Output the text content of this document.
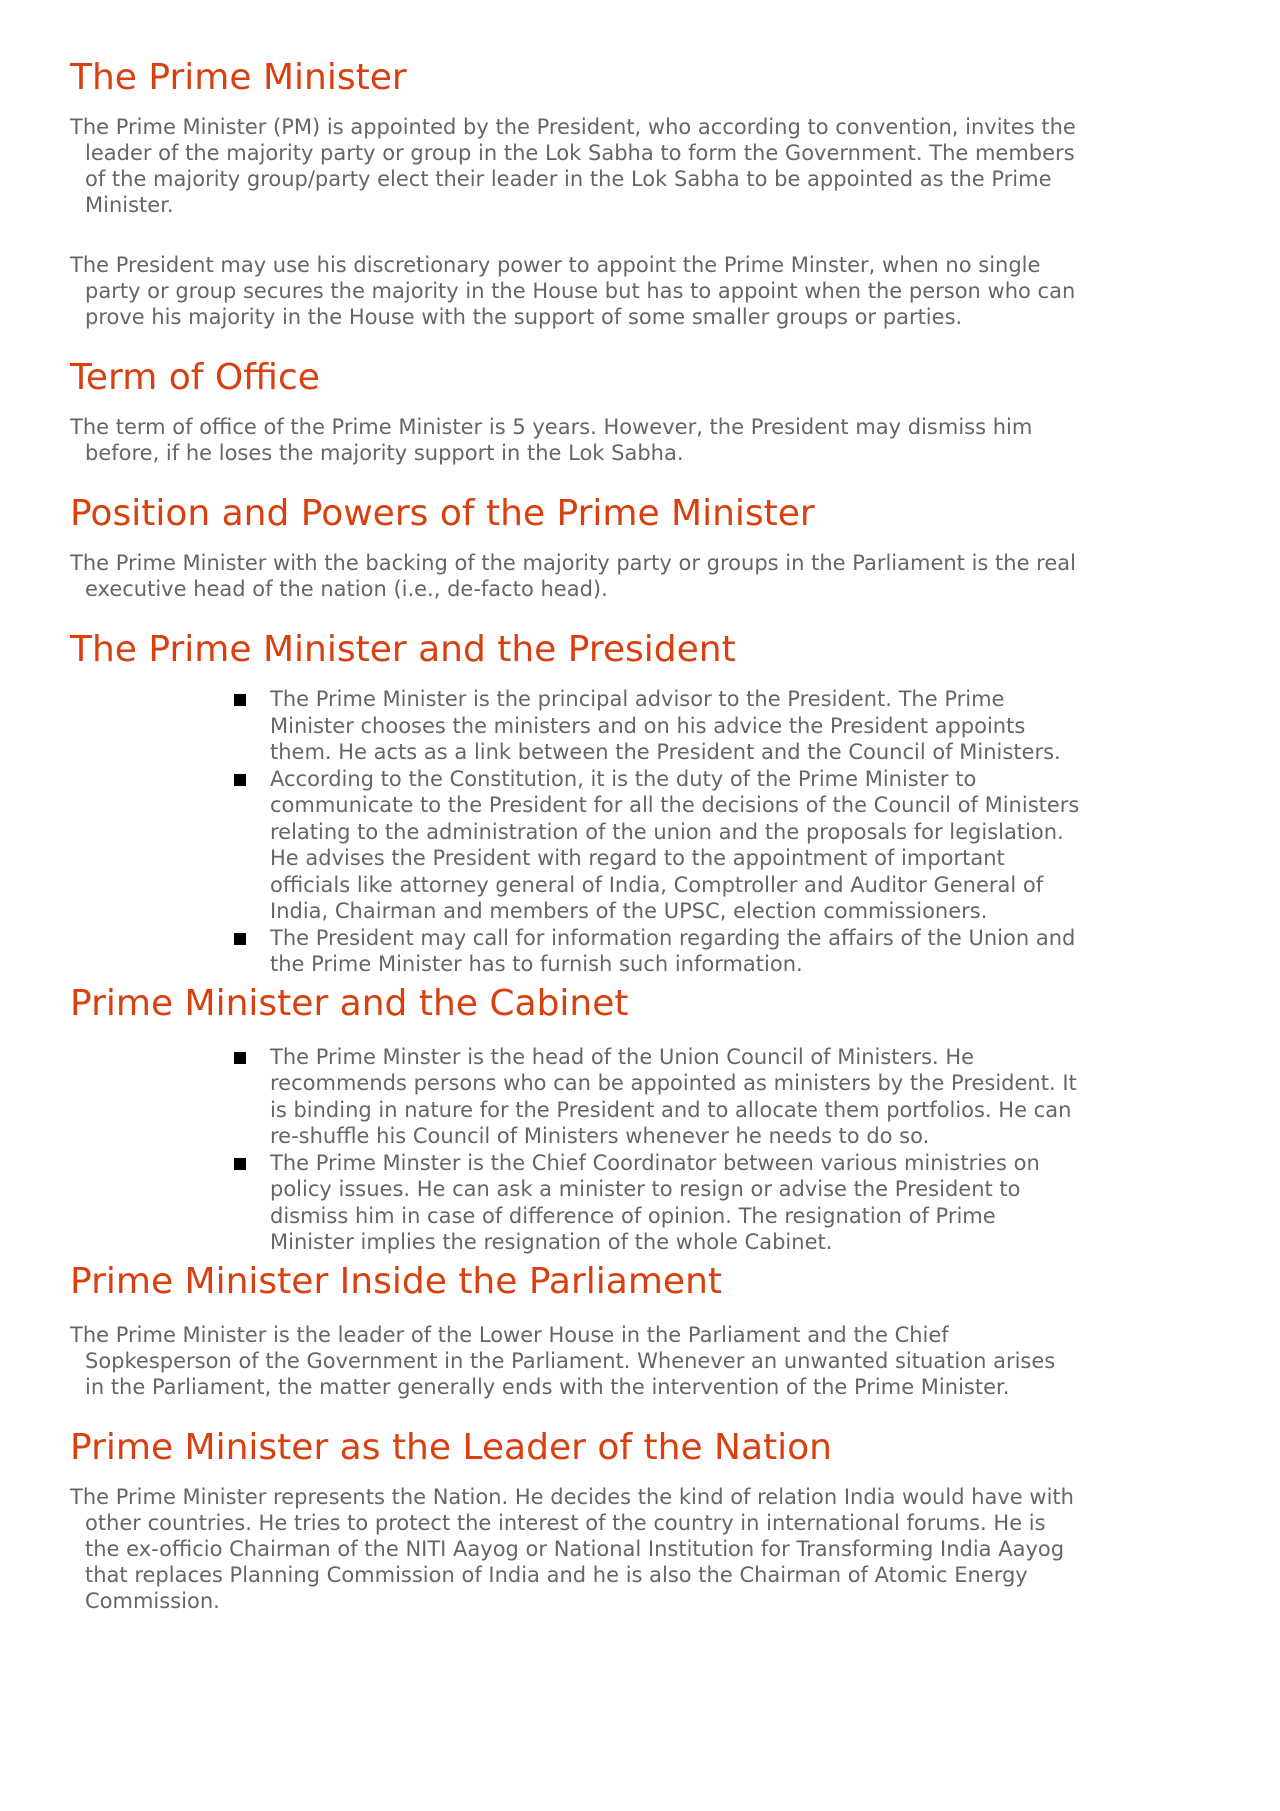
The Prime Minister

The Prime Minister (PM) is appointed by the President, who according to convention, invites the leader of the majority party or group in the Lok Sabha to form the Government. The members of the majority group/party elect their leader in the Lok Sabha to be appointed as the Prime Minister.

The President may use his discretionary power to appoint the Prime Minster, when no single party or group secures the majority in the House but has to appoint when the person who can prove his majority in the House with the support of some smaller groups or parties.

Term of Office

The term of office of the Prime Minister is 5 years. However, the President may dismiss him before, if he loses the majority support in the Lok Sabha.

Position and Powers of the Prime Minister

The Prime Minister with the backing of the majority party or groups in the Parliament is the real executive head of the nation (i.e., de-facto head).

The Prime Minister and the President
The Prime Minister is the principal advisor to the President. The Prime Minister chooses the ministers and on his advice the President appoints them. He acts as a link between the President and the Council of Ministers.
According to the Constitution, it is the duty of the Prime Minister to communicate to the President for all the decisions of the Council of Ministers relating to the administration of the union and the proposals for legislation. He advises the President with regard to the appointment of important officials like attorney general of India, Comptroller and Auditor General of India, Chairman and members of the UPSC, election commissioners.
The President may call for information regarding the affairs of the Union and the Prime Minister has to furnish such information.
Prime Minister and the Cabinet
The Prime Minster is the head of the Union Council of Ministers. He recommends persons who can be appointed as ministers by the President. It is binding in nature for the President and to allocate them portfolios. He can re-shuffle his Council of Ministers whenever he needs to do so.
The Prime Minster is the Chief Coordinator between various ministries on policy issues. He can ask a minister to resign or advise the President to dismiss him in case of difference of opinion. The resignation of Prime Minister implies the resignation of the whole Cabinet.
Prime Minister Inside the Parliament

The Prime Minister is the leader of the Lower House in the Parliament and the Chief Sopkesperson of the Government in the Parliament. Whenever an unwanted situation arises in the Parliament, the matter generally ends with the intervention of the Prime Minister.

Prime Minister as the Leader of the Nation

The Prime Minister represents the Nation. He decides the kind of relation India would have with other countries. He tries to protect the interest of the country in international forums. He is the ex-officio Chairman of the NITI Aayog or National Institution for Transforming India Aayog that replaces Planning Commission of India and he is also the Chairman of Atomic Energy Commission.
